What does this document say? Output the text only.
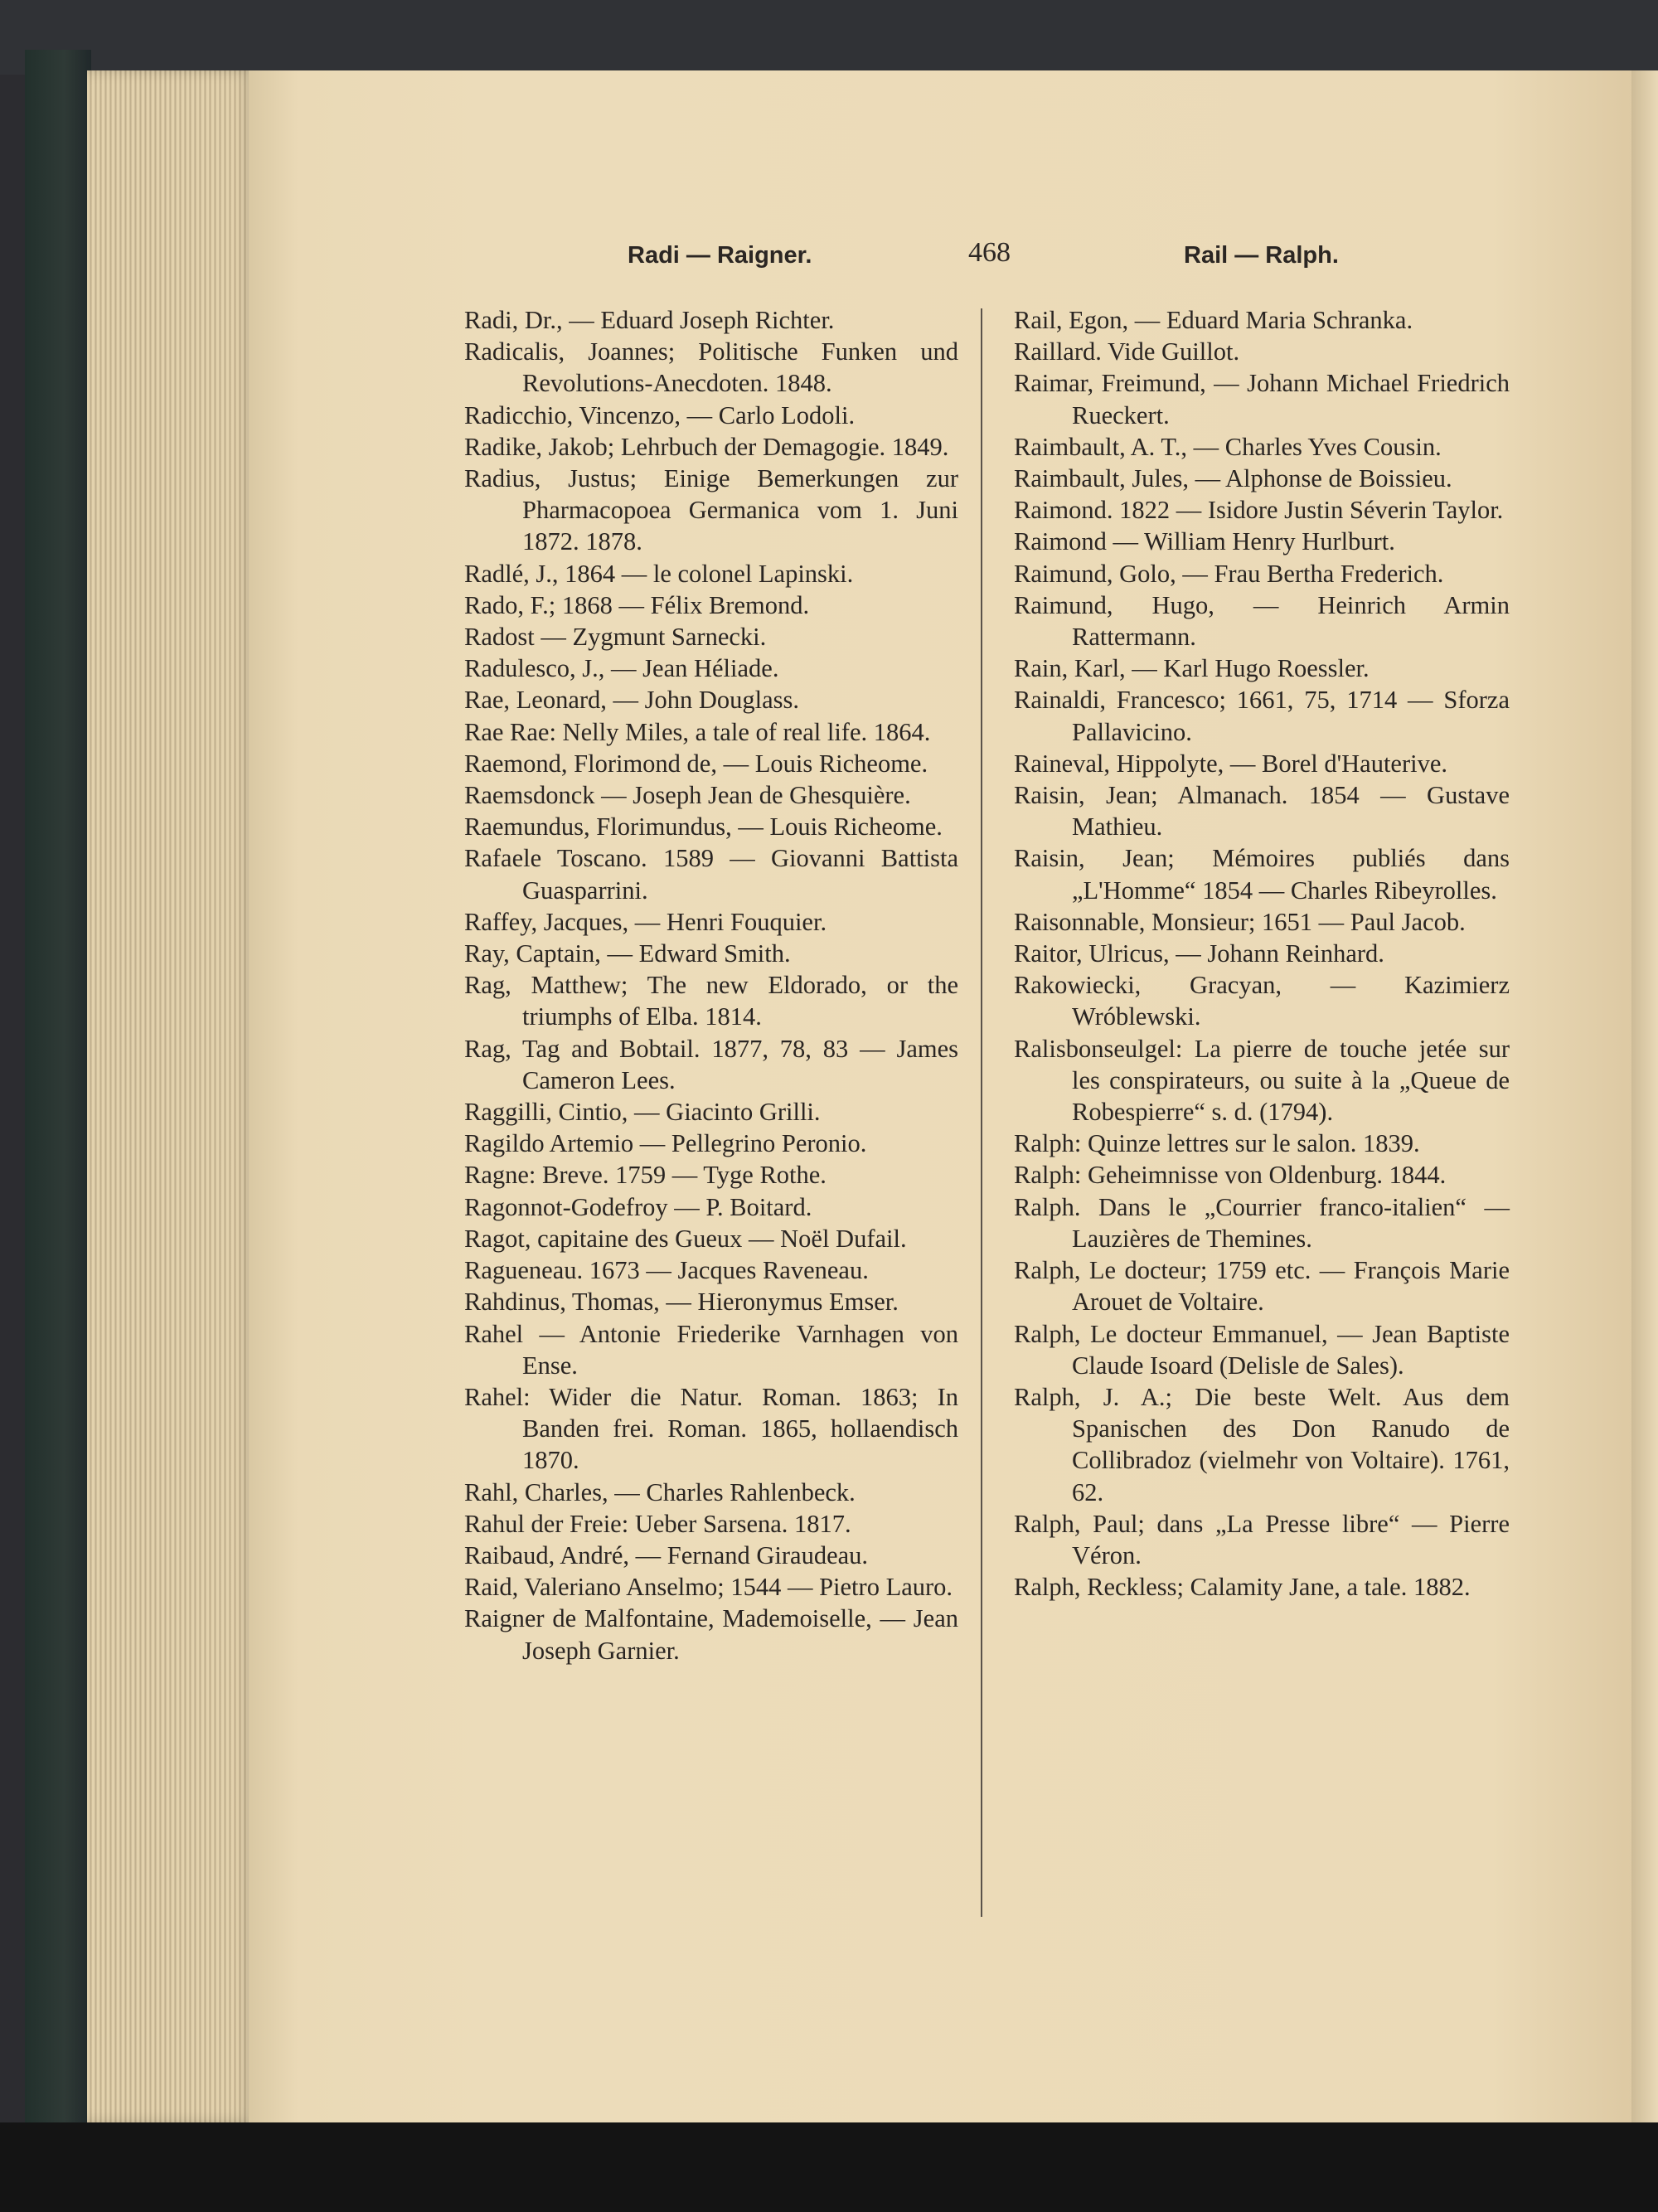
Radi — Raigner.	468	Rail — Ralph.
Radi, Dr., — Eduard Joseph Richter.
Radicalis, Joannes; Politische Funken und Revolutions-Anecdoten. 1848.
Radicchio, Vincenzo, — Carlo Lodoli.
Radike, Jakob; Lehrbuch der Demagogie. 1849.
Radius, Justus; Einige Bemerkungen zur Pharmacopoea Germanica vom 1. Juni 1872. 1878.
Radlé, J., 1864 — le colonel Lapinski.
Rado, F.; 1868 — Félix Bremond.
Radost — Zygmunt Sarnecki.
Radulesco, J., — Jean Héliade.
Rae, Leonard, — John Douglass.
Rae Rae: Nelly Miles, a tale of real life. 1864.
Raemond, Florimond de, — Louis Richeome.
Raemsdonck — Joseph Jean de Ghesquière.
Raemundus, Florimundus, — Louis Richeome.
Rafaele Toscano. 1589 — Giovanni Battista Guasparrini.
Raffey, Jacques, — Henri Fouquier.
Ray, Captain, — Edward Smith.
Rag, Matthew; The new Eldorado, or the triumphs of Elba. 1814.
Rag, Tag and Bobtail. 1877, 78, 83 — James Cameron Lees.
Raggilli, Cintio, — Giacinto Grilli.
Ragildo Artemio — Pellegrino Peronio.
Ragne: Breve. 1759 — Tyge Rothe.
Ragonnot-Godefroy — P. Boitard.
Ragot, capitaine des Gueux — Noël Dufail.
Ragueneau. 1673 — Jacques Raveneau.
Rahdinus, Thomas, — Hieronymus Emser.
Rahel — Antonie Friederike Varnhagen von Ense.
Rahel: Wider die Natur. Roman. 1863; In Banden frei. Roman. 1865, hollaendisch 1870.
Rahl, Charles, — Charles Rahlenbeck.
Rahul der Freie: Ueber Sarsena. 1817.
Raibaud, André, — Fernand Giraudeau.
Raid, Valeriano Anselmo; 1544 — Pietro Lauro.
Raigner de Malfontaine, Mademoiselle, — Jean Joseph Garnier.
Rail, Egon, — Eduard Maria Schranka.
Raillard. Vide Guillot.
Raimar, Freimund, — Johann Michael Friedrich Rueckert.
Raimbault, A. T., — Charles Yves Cousin.
Raimbault, Jules, — Alphonse de Boissieu.
Raimond. 1822 — Isidore Justin Séverin Taylor.
Raimond — William Henry Hurlburt.
Raimund, Golo, — Frau Bertha Frederich.
Raimund, Hugo, — Heinrich Armin Rattermann.
Rain, Karl, — Karl Hugo Roessler.
Rainaldi, Francesco; 1661, 75, 1714 — Sforza Pallavicino.
Raineval, Hippolyte, — Borel d'Hauterive.
Raisin, Jean; Almanach. 1854 — Gustave Mathieu.
Raisin, Jean; Mémoires publiés dans „L'Homme“ 1854 — Charles Ribeyrolles.
Raisonnable, Monsieur; 1651 — Paul Jacob.
Raitor, Ulricus, — Johann Reinhard.
Rakowiecki, Gracyan, — Kazimierz Wróblewski.
Ralisbonseulgel: La pierre de touche jetée sur les conspirateurs, ou suite à la „Queue de Robespierre“ s. d. (1794).
Ralph: Quinze lettres sur le salon. 1839.
Ralph: Geheimnisse von Oldenburg. 1844.
Ralph. Dans le „Courrier franco-italien“ — Lauzières de Themines.
Ralph, Le docteur; 1759 etc. — François Marie Arouet de Voltaire.
Ralph, Le docteur Emmanuel, — Jean Baptiste Claude Isoard (Delisle de Sales).
Ralph, J. A.; Die beste Welt. Aus dem Spanischen des Don Ranudo de Collibradoz (vielmehr von Voltaire). 1761, 62.
Ralph, Paul; dans „La Presse libre“ — Pierre Véron.
Ralph, Reckless; Calamity Jane, a tale. 1882.
